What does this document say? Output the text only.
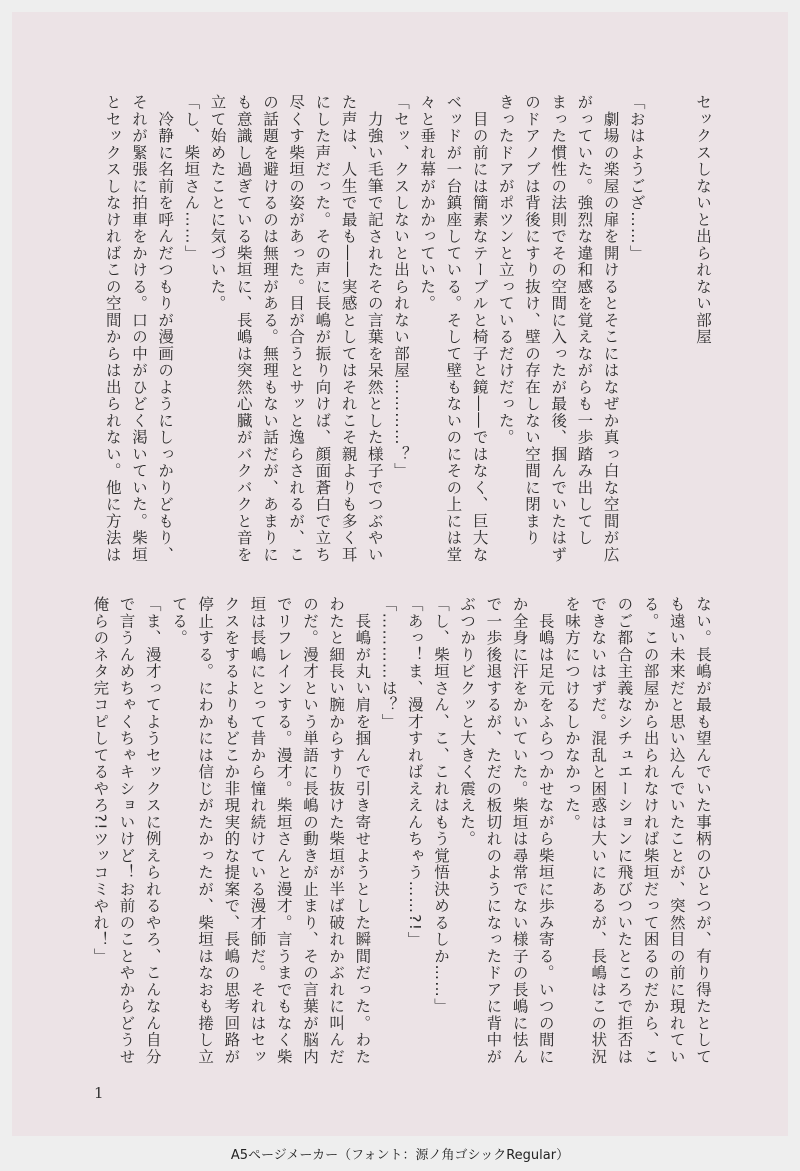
セックスしないと出られない部屋
「おはようござ……」
　劇場の楽屋の扉を開けるとそこにはなぜか真っ白な空間が広
がっていた。強烈な違和感を覚えながらも一歩踏み出してし
まった慣性の法則でその空間に入ったが最後、掴んでいたはず
のドアノブは背後にすり抜け、壁の存在しない空間に閉まり
きったドアがポツンと立っているだけだった。
　目の前には簡素なテーブルと椅子と鏡――ではなく、巨大な
ベッドが一台鎮座している。そして壁もないのにその上には堂
々と垂れ幕がかかっていた。
「セッ、クスしないと出られない部屋…………？」
　力強い毛筆で記されたその言葉を呆然とした様子でつぶやい
た声は、人生で最も――実感としてはそれこそ親よりも多く耳
にした声だった。その声に長嶋が振り向けば、顔面蒼白で立ち
尽くす柴垣の姿があった。目が合うとサッと逸らされるが、こ
の話題を避けるのは無理がある。無理もない話だが、あまりに
も意識し過ぎている柴垣に、長嶋は突然心臓がバクバクと音を
立て始めたことに気づいた。
「し、柴垣さん……」
　冷静に名前を呼んだつもりが漫画のようにしっかりどもり、
それが緊張に拍車をかける。口の中がひどく渇いていた。柴垣
とセックスしなければこの空間からは出られない。他に方法は
ない。長嶋が最も望んでいた事柄のひとつが、有り得たとして
も遠い未来だと思い込んでいたことが、突然目の前に現れてい
る。この部屋から出られなければ柴垣だって困るのだから、こ
のご都合主義なシチュエーションに飛びついたところで拒否は
できないはずだ。混乱と困惑は大いにあるが、長嶋はこの状況
を味方につけるしかなかった。
　長嶋は足元をふらつかせながら柴垣に歩み寄る。いつの間に
か全身に汗をかいていた。柴垣は尋常でない様子の長嶋に怯ん
で一歩後退するが、ただの板切れのようになったドアに背中が
ぶつかりビクッと大きく震えた。
「し、柴垣さん、こ、これはもう覚悟決めるしか……」
「あっ！ま、漫才すればええんちゃう……?!」
「…………は？」
　長嶋が丸い肩を掴んで引き寄せようとした瞬間だった。わた
わたと細長い腕からすり抜けた柴垣が半ば破れかぶれに叫んだ
のだ。漫才という単語に長嶋の動きが止まり、その言葉が脳内
でリフレインする。漫才。柴垣さんと漫才。言うまでもなく柴
垣は長嶋にとって昔から憧れ続けている漫才師だ。それはセッ
クスをするよりもどこか非現実的な提案で、長嶋の思考回路が
停止する。にわかには信じがたかったが、柴垣はなおも捲し立
てる。
「ま、漫才ってようセックスに例えられるやろ、こんなん自分
で言うんめちゃくちゃキショいけど！お前のことやからどうせ
俺らのネタ完コピしてるやろ?!ツッコミやれ！」
1
A5ページメーカー（フォント：源ノ角ゴシックRegular）
